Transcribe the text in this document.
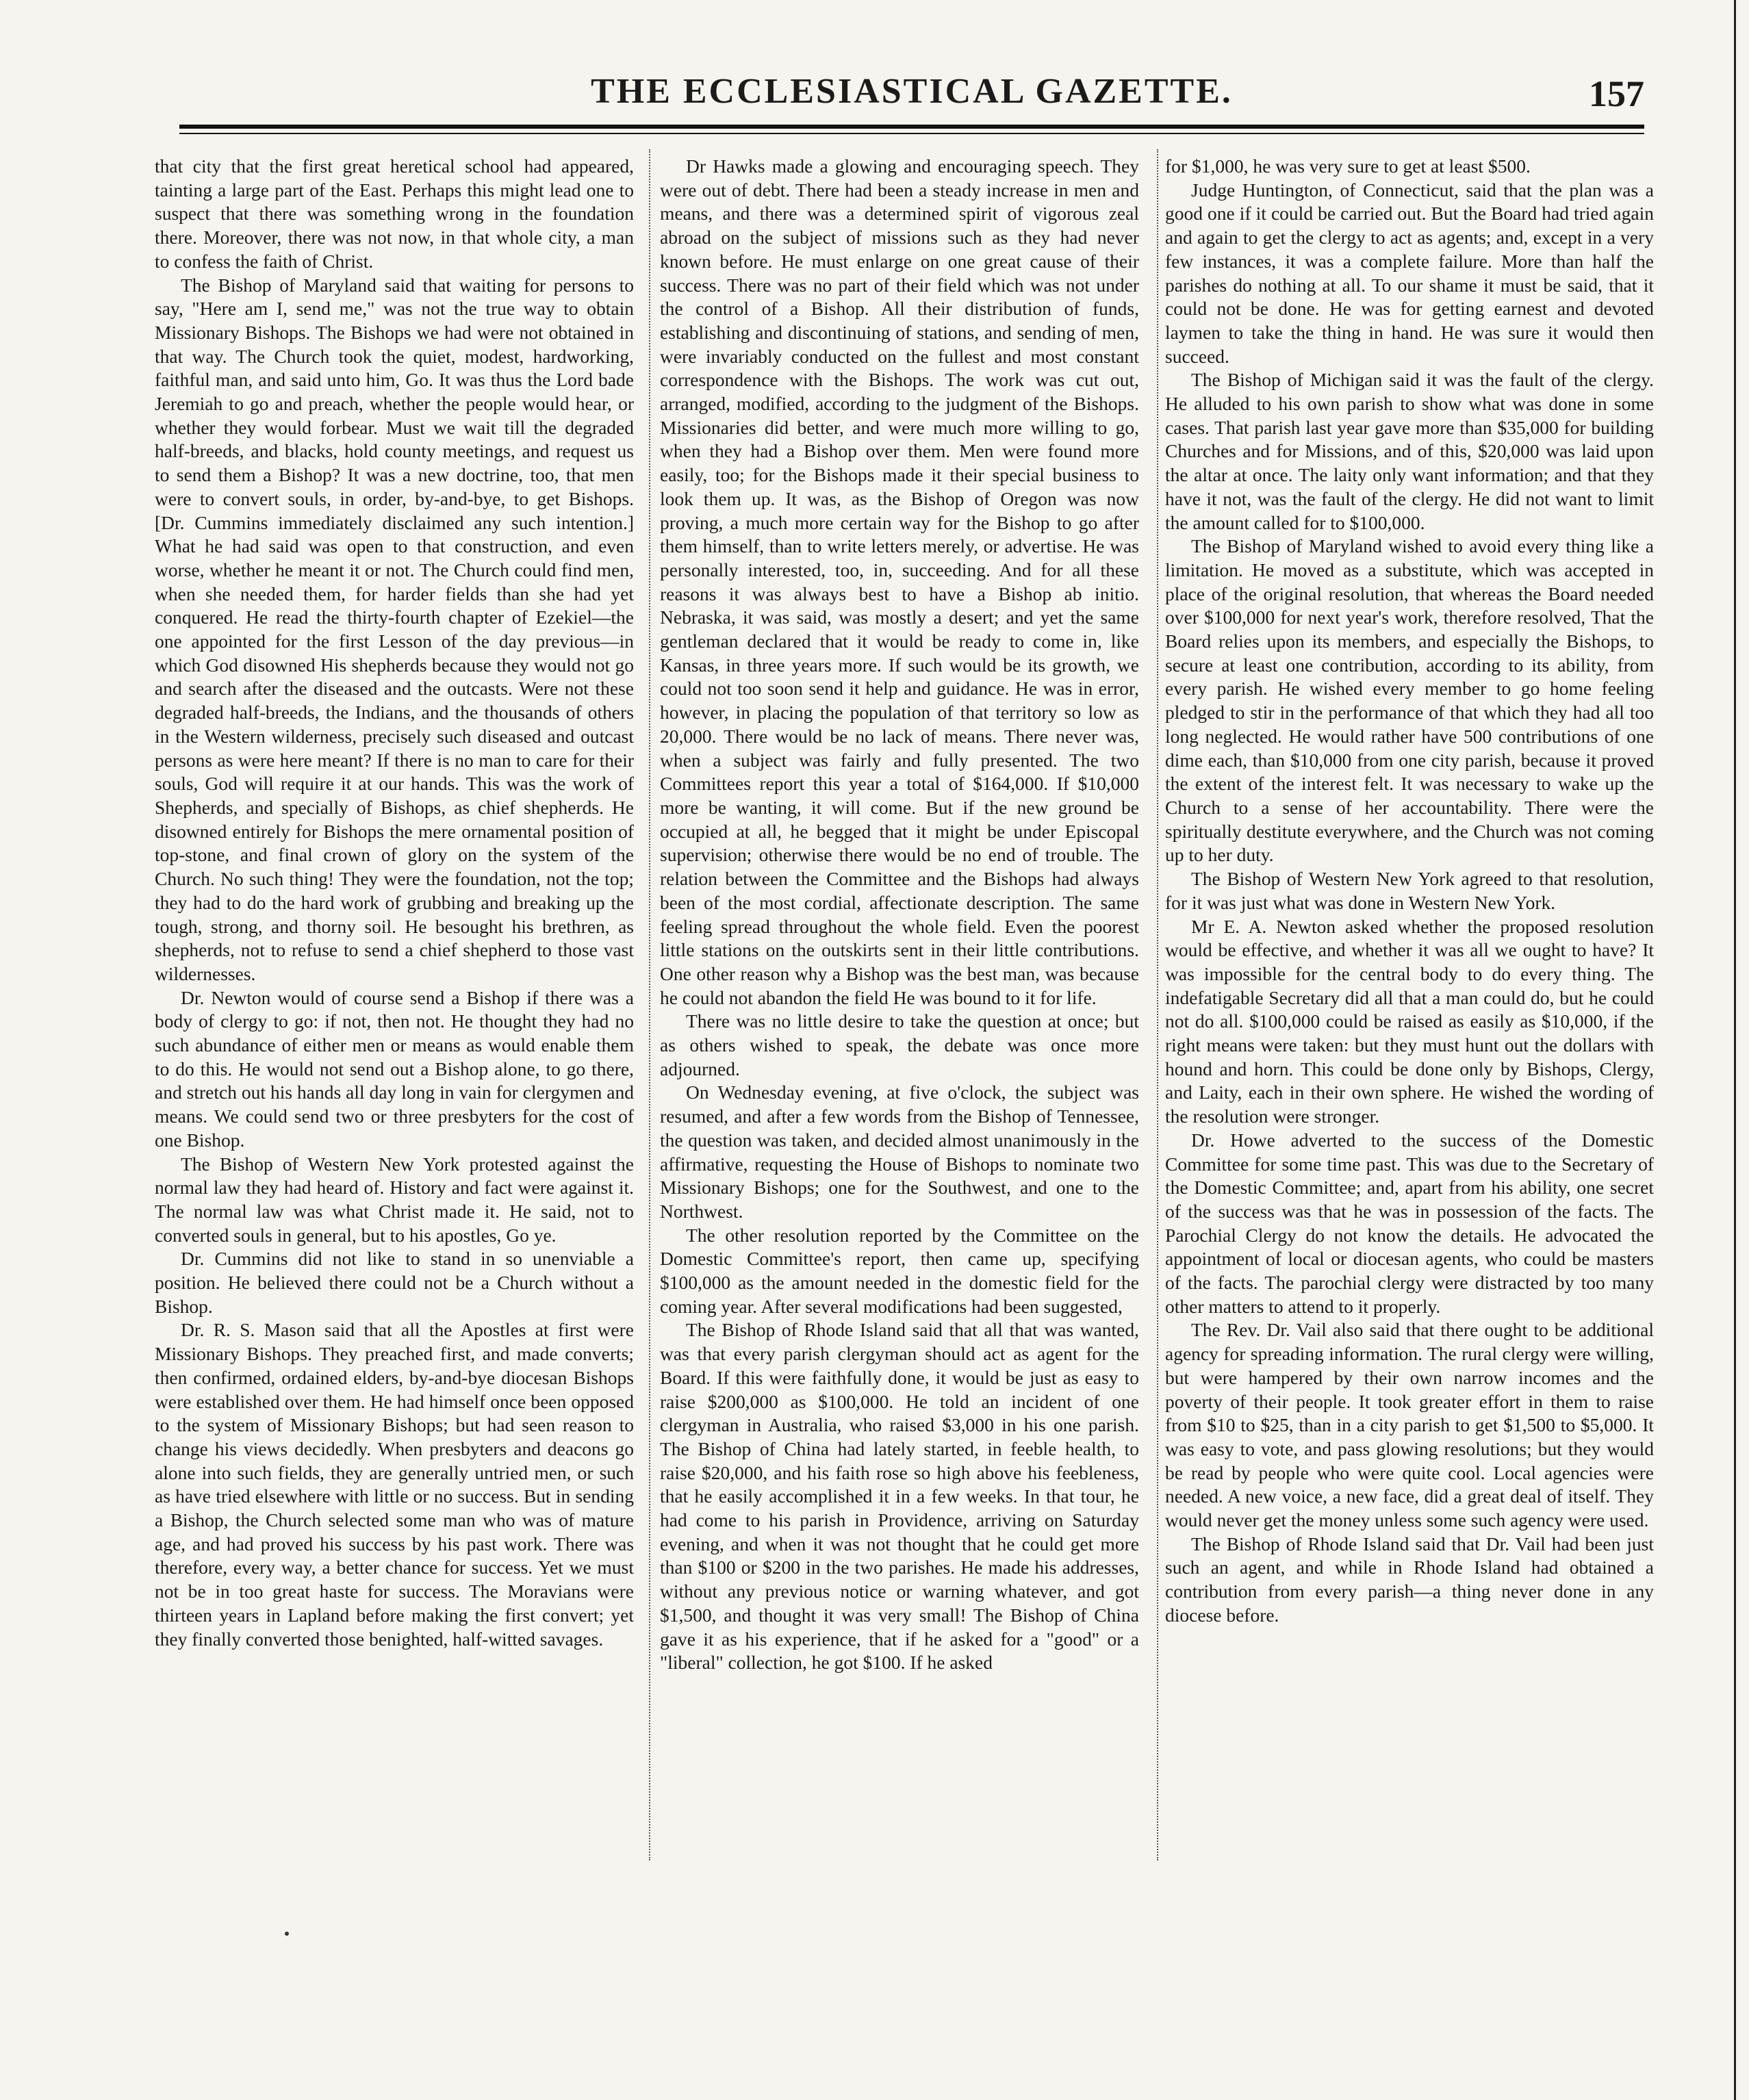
THE ECCLESIASTICAL GAZETTE.	157

that city that the first great heretical school had appeared, tainting a large part of the East. Perhaps this might lead one to suspect that there was something wrong in the foundation there. Moreover, there was not now, in that whole city, a man to confess the faith of Christ.

The Bishop of Maryland said that waiting for persons to say, "Here am I, send me," was not the true way to obtain Missionary Bishops. The Bishops we had were not obtained in that way. The Church took the quiet, modest, hardworking, faithful man, and said unto him, Go. It was thus the Lord bade Jeremiah to go and preach, whether the people would hear, or whether they would forbear. Must we wait till the degraded half-breeds, and blacks, hold county meetings, and request us to send them a Bishop? It was a new doctrine, too, that men were to convert souls, in order, by-and-bye, to get Bishops. [Dr. Cummins immediately disclaimed any such intention.] What he had said was open to that construction, and even worse, whether he meant it or not. The Church could find men, when she needed them, for harder fields than she had yet conquered. He read the thirty-fourth chapter of Ezekiel—the one appointed for the first Lesson of the day previous—in which God disowned His shepherds because they would not go and search after the diseased and the outcasts. Were not these degraded half-breeds, the Indians, and the thousands of others in the Western wilderness, precisely such diseased and outcast persons as were here meant? If there is no man to care for their souls, God will require it at our hands. This was the work of Shepherds, and specially of Bishops, as chief shepherds. He disowned entirely for Bishops the mere ornamental position of top-stone, and final crown of glory on the system of the Church. No such thing! They were the foundation, not the top; they had to do the hard work of grubbing and breaking up the tough, strong, and thorny soil. He besought his brethren, as shepherds, not to refuse to send a chief shepherd to those vast wildernesses.

Dr. Newton would of course send a Bishop if there was a body of clergy to go: if not, then not. He thought they had no such abundance of either men or means as would enable them to do this. He would not send out a Bishop alone, to go there, and stretch out his hands all day long in vain for clergymen and means. We could send two or three presbyters for the cost of one Bishop.

The Bishop of Western New York protested against the normal law they had heard of. History and fact were against it. The normal law was what Christ made it. He said, not to converted souls in general, but to his apostles, Go ye.

Dr. Cummins did not like to stand in so unenviable a position. He believed there could not be a Church without a Bishop.

Dr. R. S. Mason said that all the Apostles at first were Missionary Bishops. They preached first, and made converts; then confirmed, ordained elders, by-and-bye diocesan Bishops were established over them. He had himself once been opposed to the system of Missionary Bishops; but had seen reason to change his views decidedly. When presbyters and deacons go alone into such fields, they are generally untried men, or such as have tried elsewhere with little or no success. But in sending a Bishop, the Church selected some man who was of mature age, and had proved his success by his past work. There was therefore, every way, a better chance for success. Yet we must not be in too great haste for success. The Moravians were thirteen years in Lapland before making the first convert; yet they finally converted those benighted, half-witted savages.

Dr Hawks made a glowing and encouraging speech. They were out of debt. There had been a steady increase in men and means, and there was a determined spirit of vigorous zeal abroad on the subject of missions such as they had never known before. He must enlarge on one great cause of their success. There was no part of their field which was not under the control of a Bishop. All their distribution of funds, establishing and discontinuing of stations, and sending of men, were invariably conducted on the fullest and most constant correspondence with the Bishops. The work was cut out, arranged, modified, according to the judgment of the Bishops. Missionaries did better, and were much more willing to go, when they had a Bishop over them. Men were found more easily, too; for the Bishops made it their special business to look them up. It was, as the Bishop of Oregon was now proving, a much more certain way for the Bishop to go after them himself, than to write letters merely, or advertise. He was personally interested, too, in, succeeding. And for all these reasons it was always best to have a Bishop ab initio. Nebraska, it was said, was mostly a desert; and yet the same gentleman declared that it would be ready to come in, like Kansas, in three years more. If such would be its growth, we could not too soon send it help and guidance. He was in error, however, in placing the population of that territory so low as 20,000. There would be no lack of means. There never was, when a subject was fairly and fully presented. The two Committees report this year a total of $164,000. If $10,000 more be wanting, it will come. But if the new ground be occupied at all, he begged that it might be under Episcopal supervision; otherwise there would be no end of trouble. The relation between the Committee and the Bishops had always been of the most cordial, affectionate description. The same feeling spread throughout the whole field. Even the poorest little stations on the outskirts sent in their little contributions. One other reason why a Bishop was the best man, was because he could not abandon the field He was bound to it for life.

There was no little desire to take the question at once; but as others wished to speak, the debate was once more adjourned.

On Wednesday evening, at five o'clock, the subject was resumed, and after a few words from the Bishop of Tennessee, the question was taken, and decided almost unanimously in the affirmative, requesting the House of Bishops to nominate two Missionary Bishops; one for the Southwest, and one to the Northwest.

The other resolution reported by the Committee on the Domestic Committee's report, then came up, specifying $100,000 as the amount needed in the domestic field for the coming year. After several modifications had been suggested,

The Bishop of Rhode Island said that all that was wanted, was that every parish clergyman should act as agent for the Board. If this were faithfully done, it would be just as easy to raise $200,000 as $100,000. He told an incident of one clergyman in Australia, who raised $3,000 in his one parish. The Bishop of China had lately started, in feeble health, to raise $20,000, and his faith rose so high above his feebleness, that he easily accomplished it in a few weeks. In that tour, he had come to his parish in Providence, arriving on Saturday evening, and when it was not thought that he could get more than $100 or $200 in the two parishes. He made his addresses, without any previous notice or warning whatever, and got $1,500, and thought it was very small! The Bishop of China gave it as his experience, that if he asked for a "good" or a "liberal" collection, he got $100. If he asked

for $1,000, he was very sure to get at least $500.

Judge Huntington, of Connecticut, said that the plan was a good one if it could be carried out. But the Board had tried again and again to get the clergy to act as agents; and, except in a very few instances, it was a complete failure. More than half the parishes do nothing at all. To our shame it must be said, that it could not be done. He was for getting earnest and devoted laymen to take the thing in hand. He was sure it would then succeed.

The Bishop of Michigan said it was the fault of the clergy. He alluded to his own parish to show what was done in some cases. That parish last year gave more than $35,000 for building Churches and for Missions, and of this, $20,000 was laid upon the altar at once. The laity only want information; and that they have it not, was the fault of the clergy. He did not want to limit the amount called for to $100,000.

The Bishop of Maryland wished to avoid every thing like a limitation. He moved as a substitute, which was accepted in place of the original resolution, that whereas the Board needed over $100,000 for next year's work, therefore resolved, That the Board relies upon its members, and especially the Bishops, to secure at least one contribution, according to its ability, from every parish. He wished every member to go home feeling pledged to stir in the performance of that which they had all too long neglected. He would rather have 500 contributions of one dime each, than $10,000 from one city parish, because it proved the extent of the interest felt. It was necessary to wake up the Church to a sense of her accountability. There were the spiritually destitute everywhere, and the Church was not coming up to her duty.

The Bishop of Western New York agreed to that resolution, for it was just what was done in Western New York.

Mr E. A. Newton asked whether the proposed resolution would be effective, and whether it was all we ought to have? It was impossible for the central body to do every thing. The indefatigable Secretary did all that a man could do, but he could not do all. $100,000 could be raised as easily as $10,000, if the right means were taken: but they must hunt out the dollars with hound and horn. This could be done only by Bishops, Clergy, and Laity, each in their own sphere. He wished the wording of the resolution were stronger.

Dr. Howe adverted to the success of the Domestic Committee for some time past. This was due to the Secretary of the Domestic Committee; and, apart from his ability, one secret of the success was that he was in possession of the facts. The Parochial Clergy do not know the details. He advocated the appointment of local or diocesan agents, who could be masters of the facts. The parochial clergy were distracted by too many other matters to attend to it properly.

The Rev. Dr. Vail also said that there ought to be additional agency for spreading information. The rural clergy were willing, but were hampered by their own narrow incomes and the poverty of their people. It took greater effort in them to raise from $10 to $25, than in a city parish to get $1,500 to $5,000. It was easy to vote, and pass glowing resolutions; but they would be read by people who were quite cool. Local agencies were needed. A new voice, a new face, did a great deal of itself. They would never get the money unless some such agency were used.

The Bishop of Rhode Island said that Dr. Vail had been just such an agent, and while in Rhode Island had obtained a contribution from every parish—a thing never done in any diocese before.
